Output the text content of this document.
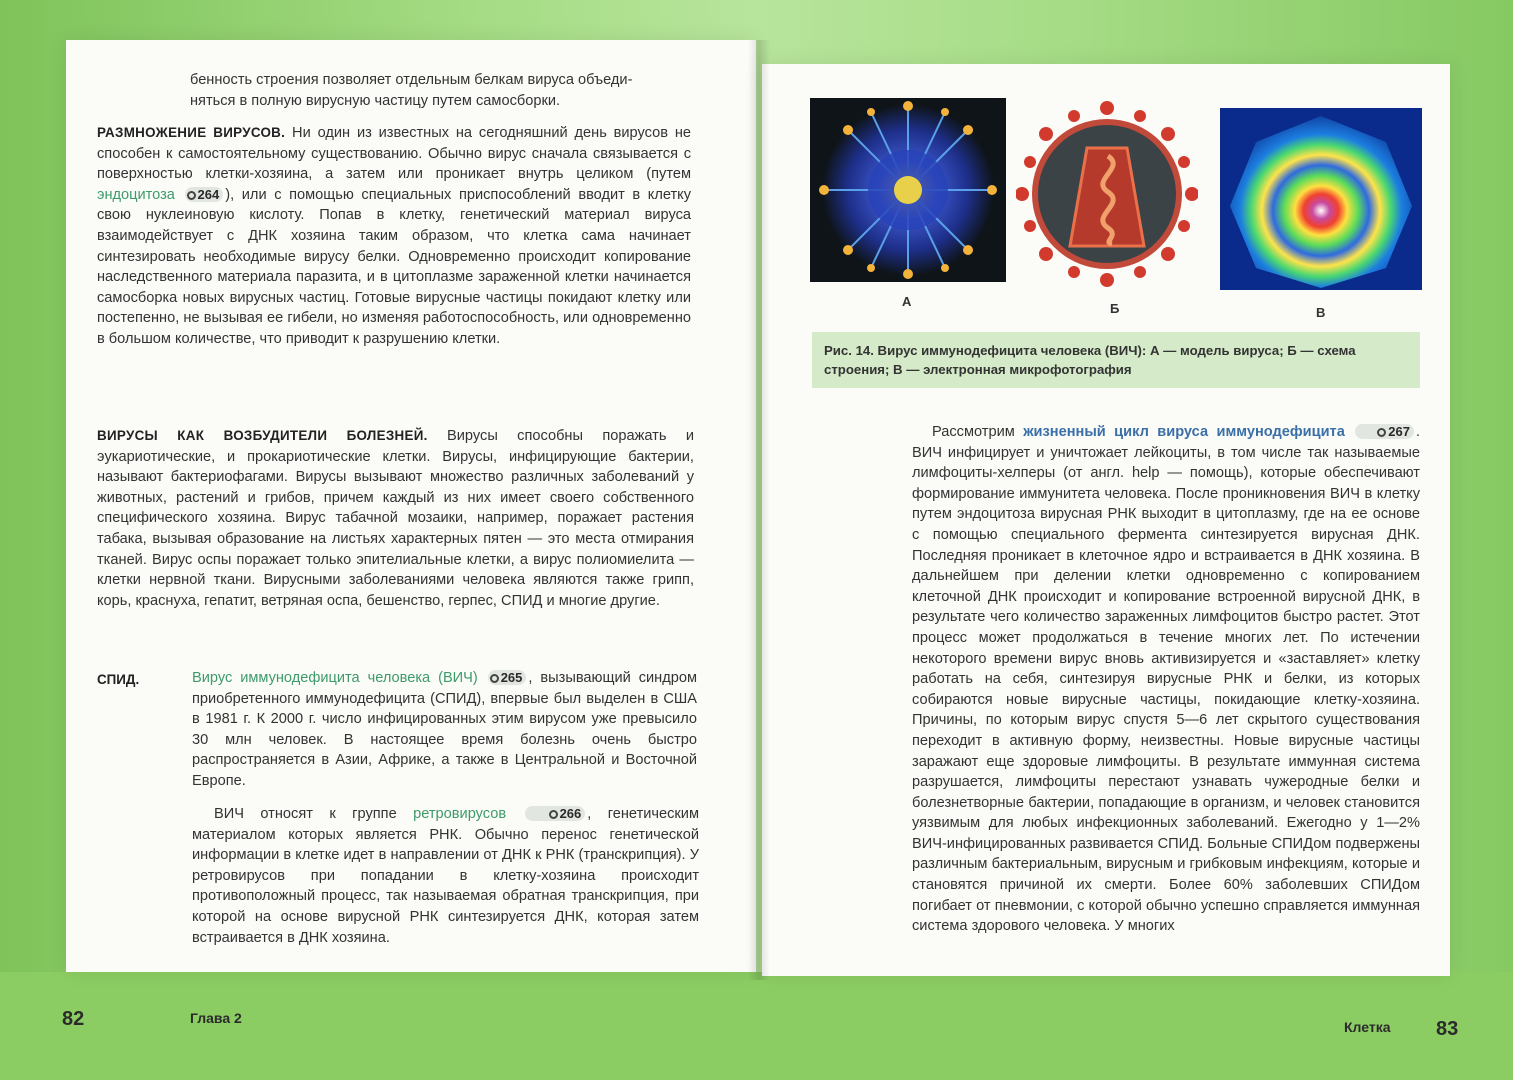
бенность строения позволяет отдельным белкам вируса объеди-

няться в полную вирусную частицу путем самосборки.

РАЗМНОЖЕНИЕ ВИРУСОВ. Ни один из известных на сегодняшний день вирусов не способен к самостоятельному существованию. Обычно вирус сначала связывается с поверхностью клетки-хозяина, а затем или проникает внутрь целиком (путем эндоцитоза 264 ), или с помощью специальных приспособлений вводит в клетку свою нуклеиновую кислоту. Попав в клетку, генетический материал вируса взаимодействует с ДНК хозяина таким образом, что клетка сама начинает синтезировать необходимые вирусу белки. Одновременно происходит копирование наследственного материала паразита, и в цитоплазме зараженной клетки начинается самосборка новых вирусных частиц. Готовые вирусные частицы покидают клетку или постепенно, не вызывая ее гибели, но изменяя работоспособность, или одновременно в большом количестве, что приводит к разрушению клетки.

ВИРУСЫ КАК ВОЗБУДИТЕЛИ БОЛЕЗНЕЙ. Вирусы способны поражать и эукариотические, и прокариотические клетки. Вирусы, инфицирующие бактерии, называют бактериофагами. Вирусы вызывают множество различных заболеваний у животных, растений и грибов, причем каждый из них имеет своего собственного специфического хозяина. Вирус табачной мозаики, например, поражает растения табака, вызывая образование на листьях характерных пятен — это места отмирания тканей. Вирус оспы поражает только эпителиальные клетки, а вирус полиомиелита — клетки нервной ткани. Вирусными заболеваниями человека являются также грипп, корь, краснуха, гепатит, ветряная оспа, бешенство, герпес, СПИД и многие другие.

СПИД.	Вирус иммунодефицита человека (ВИЧ) 265 , вызывающий синдром приобретенного иммунодефицита (СПИД), впервые был выделен в США в 1981 г. К 2000 г. число инфицированных этим вирусом уже превысило 30 млн человек. В настоящее время болезнь очень быстро распространяется в Азии, Африке, а также в Центральной и Восточной Европе.

ВИЧ относят к группе ретровирусов	266 , генетическим материалом которых является РНК. Обычно перенос генетической информации в клетке идет в направлении от ДНК к РНК (транскрипция). У ретровирусов при попадании в клетку-хозяина происходит противоположный процесс, так называемая обратная транскрипция, при которой на основе вирусной РНК синтезируется ДНК, которая затем встраивается в ДНК хозяина.

82	Глава 2
А	Б	В
Рис. 14. Вирус иммунодефицита человека (ВИЧ): А — модель вируса; Б — схема строения; В — электронная микрофотография

Рассмотрим жизненный цикл вируса иммунодефицита	267 . ВИЧ инфицирует и уничтожает лейкоциты, в том числе так называемые лимфоциты-хелперы (от англ. help — помощь), которые обеспечивают формирование иммунитета человека. После проникновения ВИЧ в клетку путем эндоцитоза вирусная РНК выходит в цитоплазму, где на ее основе с помощью специального фермента синтезируется вирусная ДНК. Последняя проникает в клеточное ядро и встраивается в ДНК хозяина. В дальнейшем при делении клетки одновременно с копированием клеточной ДНК происходит и копирование встроенной вирусной ДНК, в результате чего количество зараженных лимфоцитов быстро растет. Этот процесс может продолжаться в течение многих лет. По истечении некоторого времени вирус вновь активизируется и «заставляет» клетку работать на себя, синтезируя вирусные РНК и белки, из которых собираются новые вирусные частицы, покидающие клетку-хозяина. Причины, по которым вирус спустя 5—6 лет скрытого существования переходит в активную форму, неизвестны. Новые вирусные частицы заражают еще здоровые лимфоциты. В результате иммунная система разрушается, лимфоциты перестают узнавать чужеродные белки и болезнетворные бактерии, попадающие в организм, и человек становится уязвимым для любых инфекционных заболеваний. Ежегодно у 1—2% ВИЧ-инфицированных развивается СПИД. Больные СПИДом подвержены различным бактериальным, вирусным и грибковым инфекциям, которые и становятся причиной их смерти. Более 60% заболевших СПИДом погибает от пневмонии, с которой обычно успешно справляется иммунная система здорового человека. У многих

Клетка 83
